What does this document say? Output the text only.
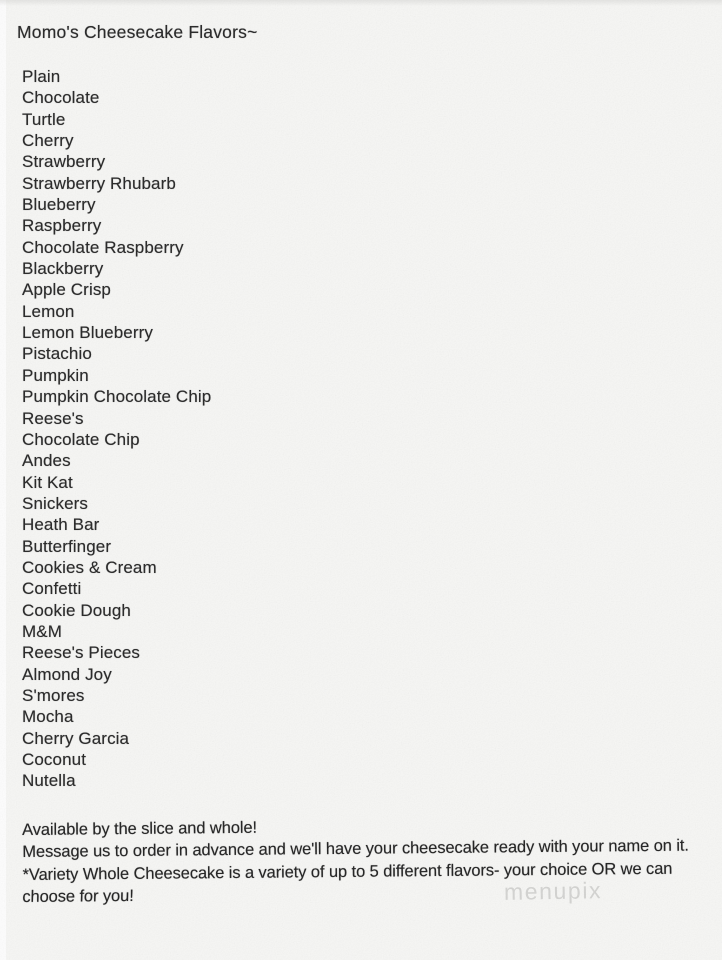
Momo's Cheesecake Flavors~
Plain
Chocolate
Turtle
Cherry
Strawberry
Strawberry Rhubarb
Blueberry
Raspberry
Chocolate Raspberry
Blackberry
Apple Crisp
Lemon
Lemon Blueberry
Pistachio
Pumpkin
Pumpkin Chocolate Chip
Reese's
Chocolate Chip
Andes
Kit Kat
Snickers
Heath Bar
Butterfinger
Cookies & Cream
Confetti
Cookie Dough
M&M
Reese's Pieces
Almond Joy
S'mores
Mocha
Cherry Garcia
Coconut
Nutella
menupix
Available by the slice and whole!
Message us to order in advance and we'll have your cheesecake ready with your name on it.
*Variety Whole Cheesecake is a variety of up to 5 different flavors- your choice OR we can
choose for you!
